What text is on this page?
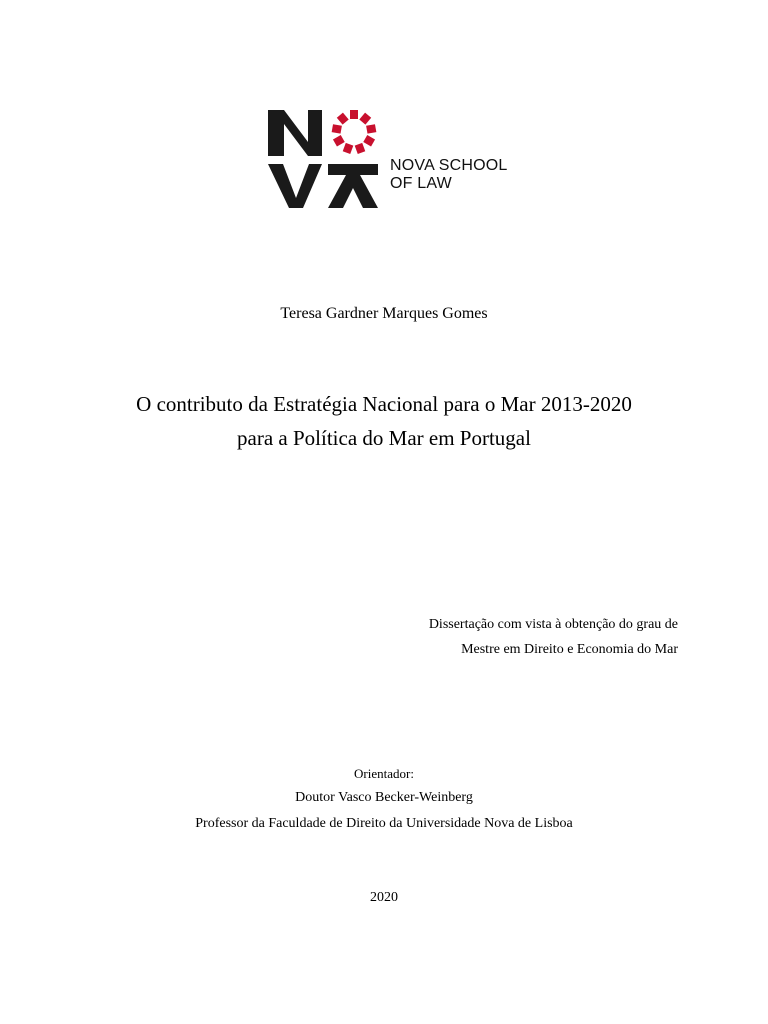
NOVA SCHOOL
OF LAW
Teresa Gardner Marques Gomes
O contributo da Estratégia Nacional para o Mar 2013-2020
para a Política do Mar em Portugal
Dissertação com vista à obtenção do grau de
Mestre em Direito e Economia do Mar
Orientador:
Doutor Vasco Becker-Weinberg
Professor da Faculdade de Direito da Universidade Nova de Lisboa
2020
